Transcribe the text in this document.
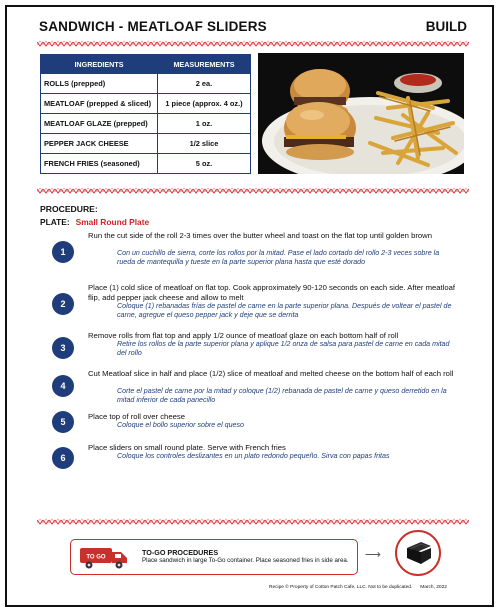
SANDWICH - MEATLOAF SLIDERS	BUILD
INGREDIENTS	MEASUREMENTS
ROLLS (prepped)	2 ea.
MEATLOAF (prepped & sliced)	1 piece (approx. 4 oz.)
MEATLOAF GLAZE (prepped)	1 oz.
PEPPER JACK CHEESE	1/2 slice
FRENCH FRIES (seasoned)	5 oz.
PROCEDURE:
PLATE: Small Round Plate
1
Run the cut side of the roll 2-3 times over the butter wheel and toast on the flat top until golden brown
Con un cuchillo de sierra, corte los rollos por la mitad. Pase el lado cortado del rollo 2-3 veces sobre la rueda de mantequilla y tueste en la parte superior plana hasta que esté dorado
2
Place (1) cold slice of meatloaf on flat top. Cook approximately 90-120 seconds on each side. After meatloaf flip, add pepper jack cheese and allow to melt
Coloque (1) rebanadas frías de pastel de carne en la parte superior plana. Después de voltear el pastel de carne, agregue el queso pepper jack y deje que se derrita
3
Remove rolls from flat top and apply 1/2 ounce of meatloaf glaze on each bottom half of roll
Retire los rollos de la parte superior plana y aplique 1/2 onza de salsa para pastel de carne en cada mitad del rollo
4
Cut Meatloaf slice in half and place (1/2) slice of meatloaf and melted cheese on the bottom half of each roll
Corte el pastel de carne por la mitad y coloque (1/2) rebanada de pastel de carne y queso derretido en la mitad inferior de cada panecillo
5
Place top of roll over cheese
Coloque el bollo superior sobre el queso
6
Place sliders on small round plate. Serve with French fries
Coloque los controles deslizantes en un plato redondo pequeño. Sirva con papas fritas
TO GO
TO-GO PROCEDURES
Place sandwich in large To-Go container. Place seasoned fries in side area. ⟶
Recipe © Property of Cotton Patch Cafe, LLC. Not to be duplicated. March, 2022
